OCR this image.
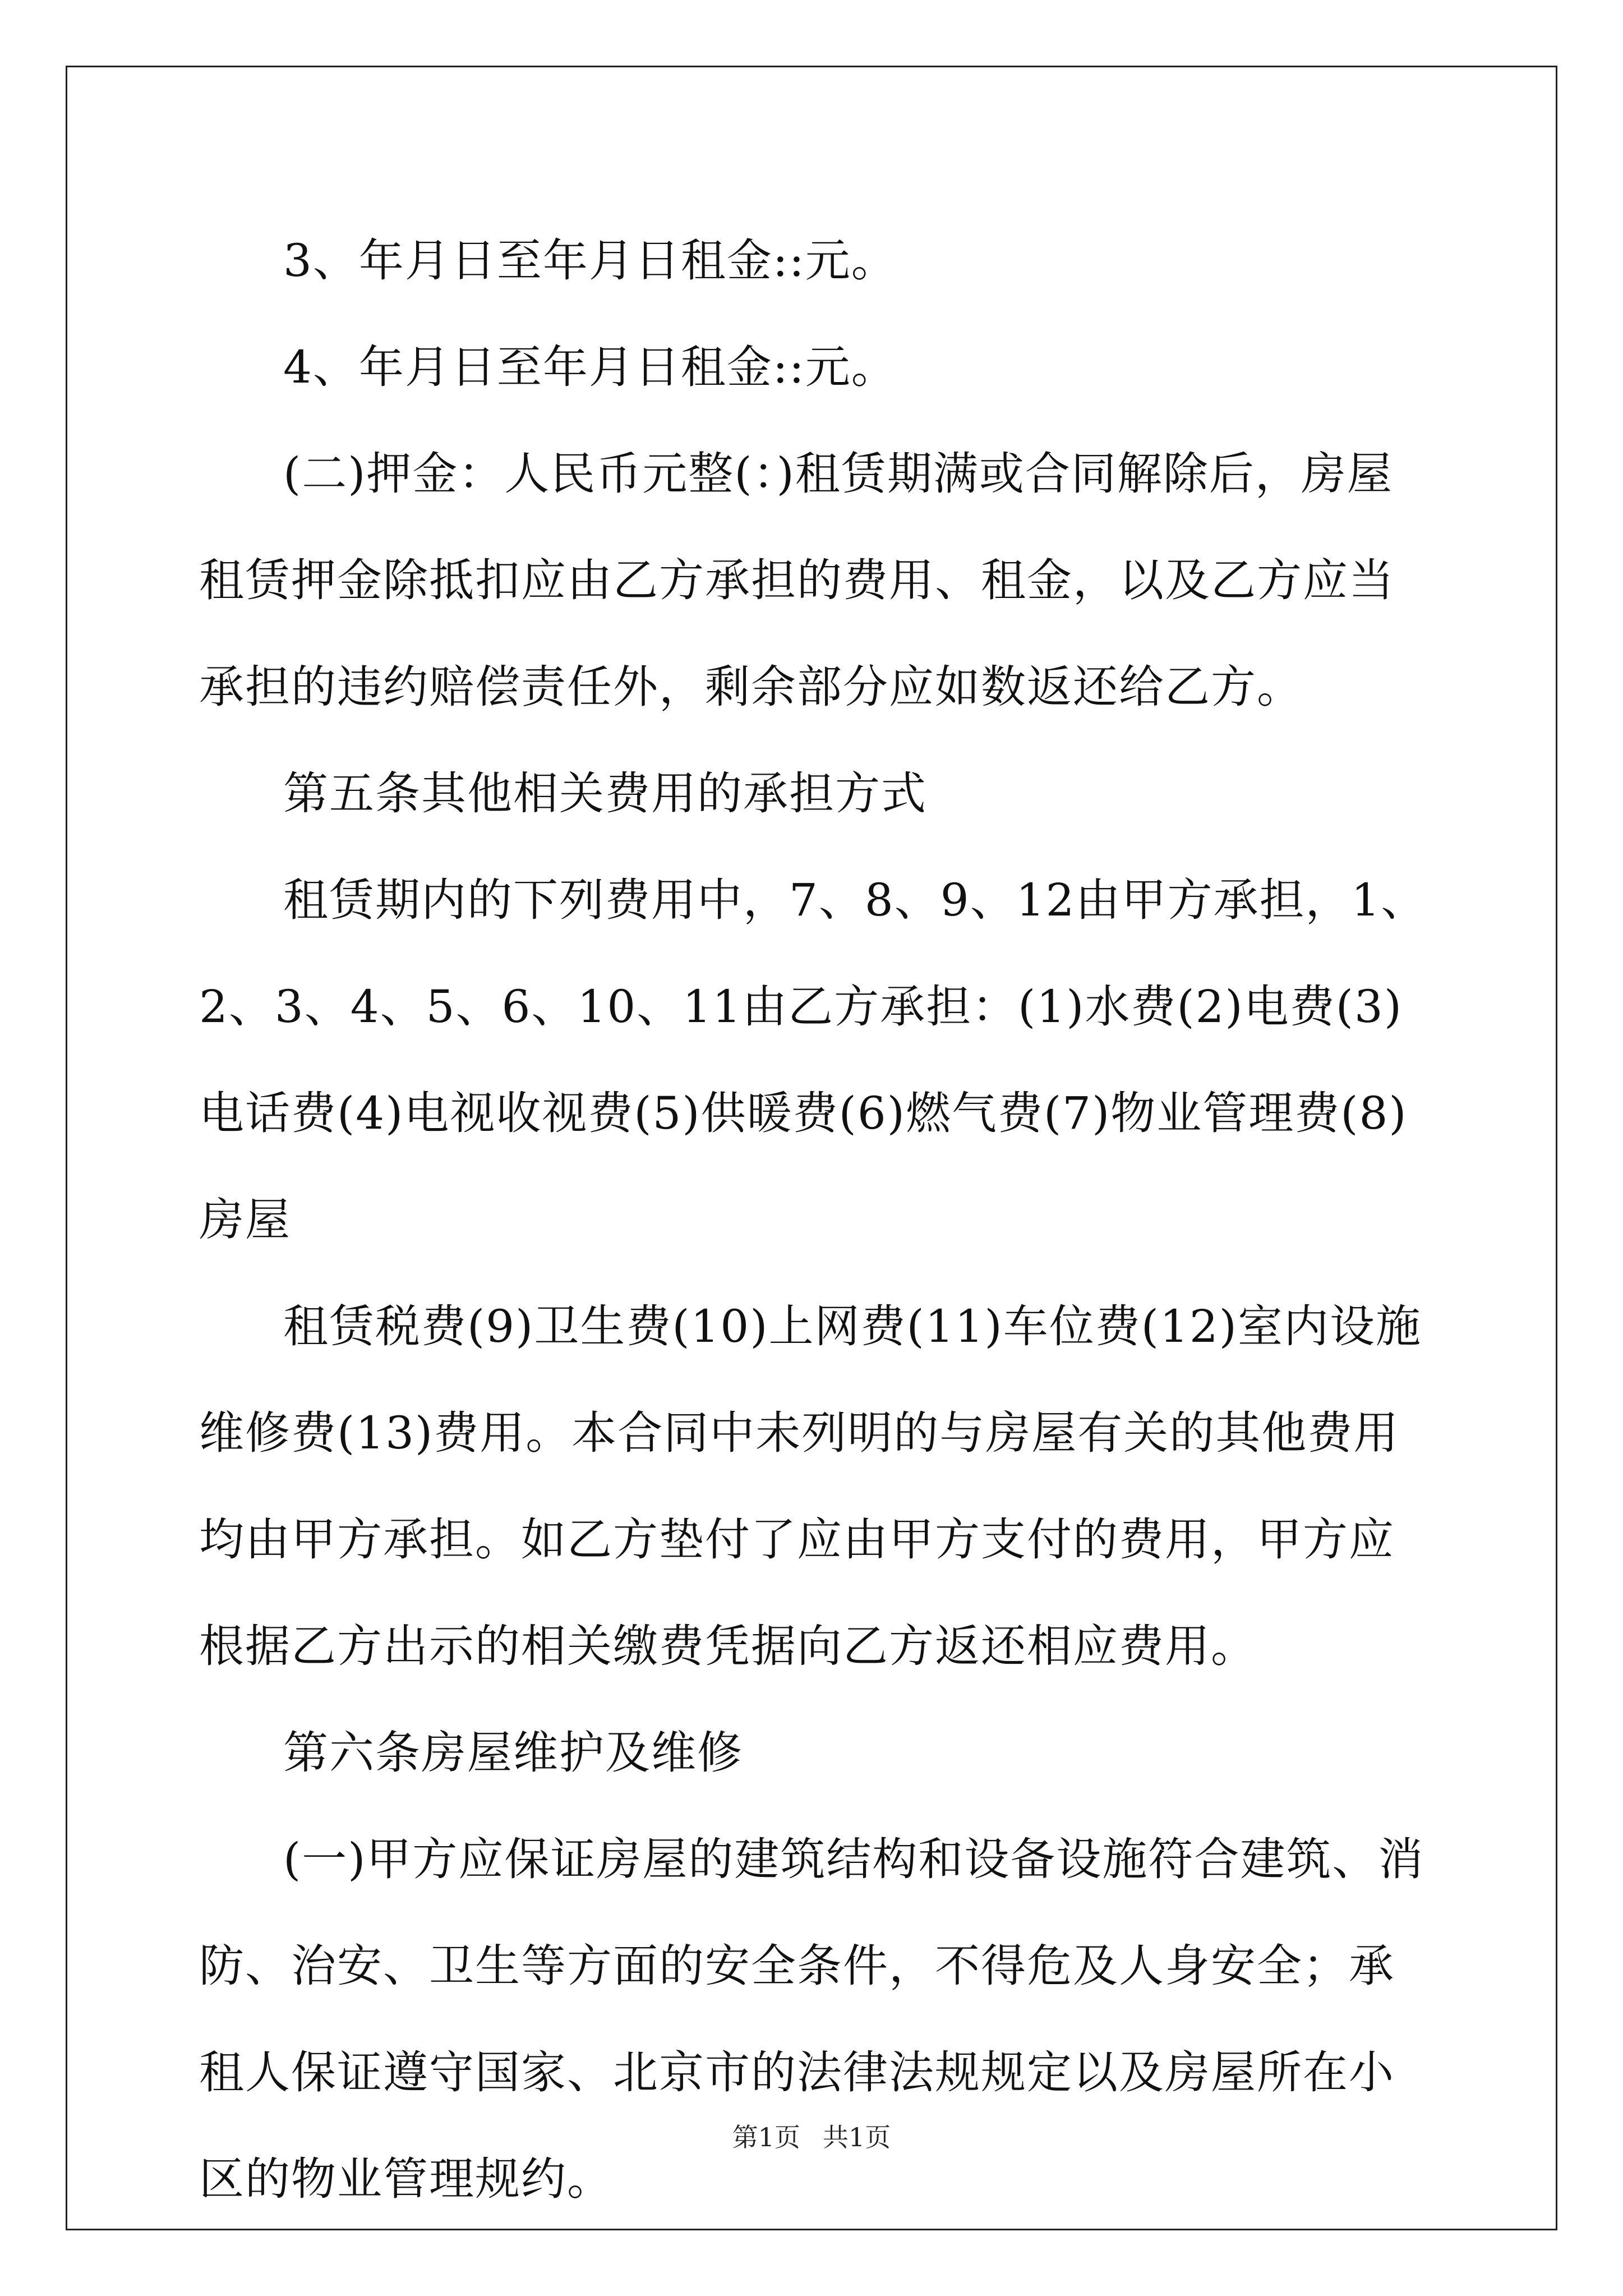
3、年月日至年月日租金::元。

4、年月日至年月日租金::元。

(二)押金：人民币元整(：)租赁期满或合同解除后，房屋租赁押金除抵扣应由乙方承担的费用、租金，以及乙方应当承担的违约赔偿责任外，剩余部分应如数返还给乙方。

第五条其他相关费用的承担方式

租赁期内的下列费用中，7、8、9、12由甲方承担，1、2、3、4、5、6、10、11由乙方承担：(1)水费(2)电费(3)电话费(4)电视收视费(5)供暖费(6)燃气费(7)物业管理费(8)房屋

租赁税费(9)卫生费(10)上网费(11)车位费(12)室内设施维修费(13)费用。本合同中未列明的与房屋有关的其他费用均由甲方承担。如乙方垫付了应由甲方支付的费用，甲方应根据乙方出示的相关缴费凭据向乙方返还相应费用。

第六条房屋维护及维修

(一)甲方应保证房屋的建筑结构和设备设施符合建筑、消防、治安、卫生等方面的安全条件，不得危及人身安全；承租人保证遵守国家、北京市的法律法规规定以及房屋所在小区的物业管理规约。

第1页 共1页
